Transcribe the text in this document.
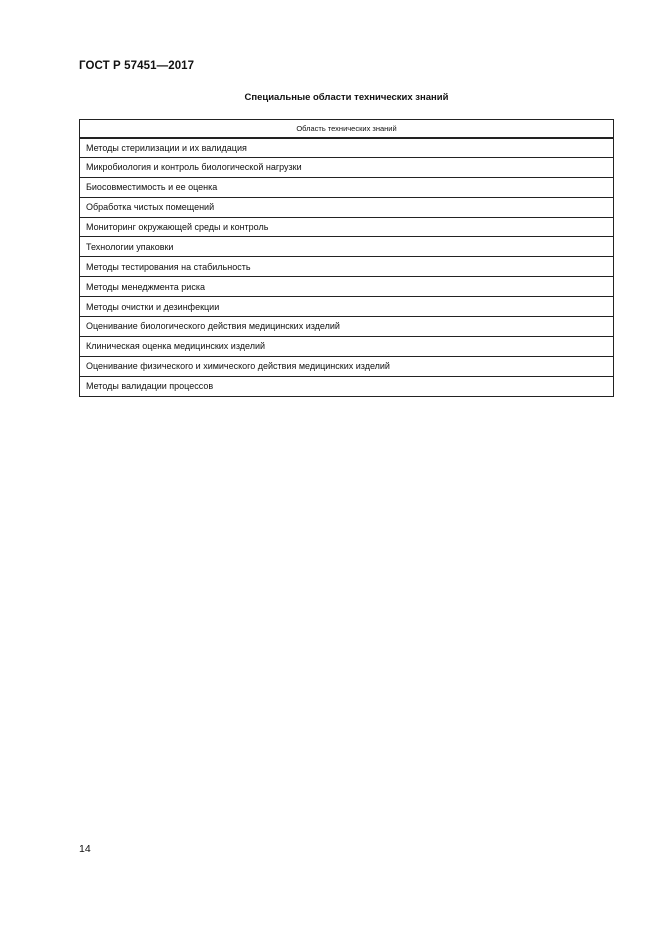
ГОСТ Р 57451—2017
Специальные области технических знаний
Область технических знаний
Методы стерилизации и их валидация
Микробиология и контроль биологической нагрузки
Биосовместимость и ее оценка
Обработка чистых помещений
Мониторинг окружающей среды и контроль
Технологии упаковки
Методы тестирования на стабильность
Методы менеджмента риска
Методы очистки и дезинфекции
Оценивание биологического действия медицинских изделий
Клиническая оценка медицинских изделий
Оценивание физического и химического действия медицинских изделий
Методы валидации процессов
14
